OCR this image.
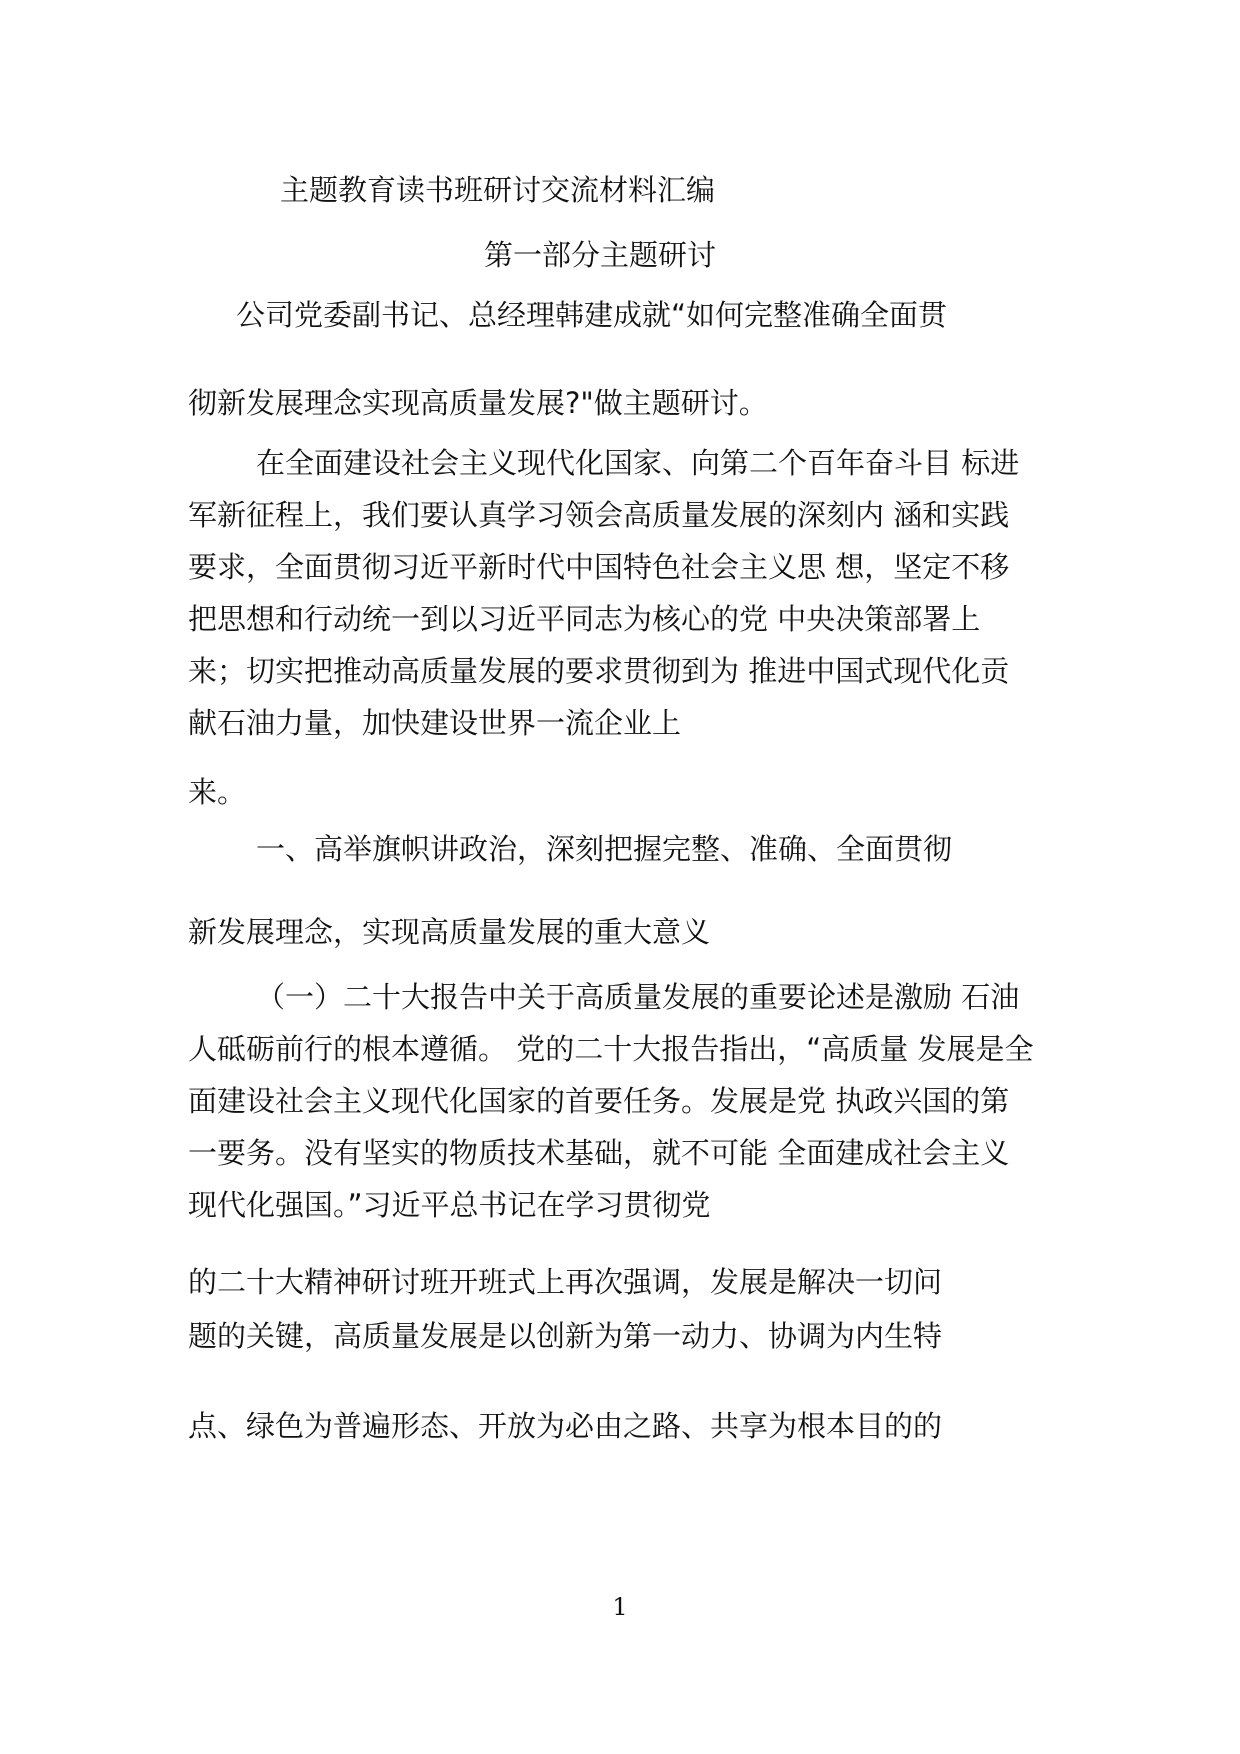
主题教育读书班研讨交流材料汇编
第一部分主题研讨
公司党委副书记、总经理韩建成就“如何完整准确全面贯
彻新发展理念实现高质量发展?"做主题研讨。
在全面建设社会主义现代化国家、向第二个百年奋斗目 标进
军新征程上，我们要认真学习领会高质量发展的深刻内 涵和实践
要求，全面贯彻习近平新时代中国特色社会主义思 想，坚定不移
把思想和行动统一到以习近平同志为核心的党 中央决策部署上
来；切实把推动高质量发展的要求贯彻到为 推进中国式现代化贡
献石油力量，加快建设世界一流企业上
来。
一、高举旗帜讲政治，深刻把握完整、准确、全面贯彻
新发展理念，实现高质量发展的重大意义
（一）二十大报告中关于高质量发展的重要论述是激励 石油
人砥砺前行的根本遵循。 党的二十大报告指出，“高质量 发展是全
面建设社会主义现代化国家的首要任务。发展是党 执政兴国的第
一要务。没有坚实的物质技术基础，就不可能 全面建成社会主义
现代化强国。”习近平总书记在学习贯彻党
的二十大精神研讨班开班式上再次强调，发展是解决一切问
题的关键，高质量发展是以创新为第一动力、协调为内生特
点、绿色为普遍形态、开放为必由之路、共享为根本目的的
1
